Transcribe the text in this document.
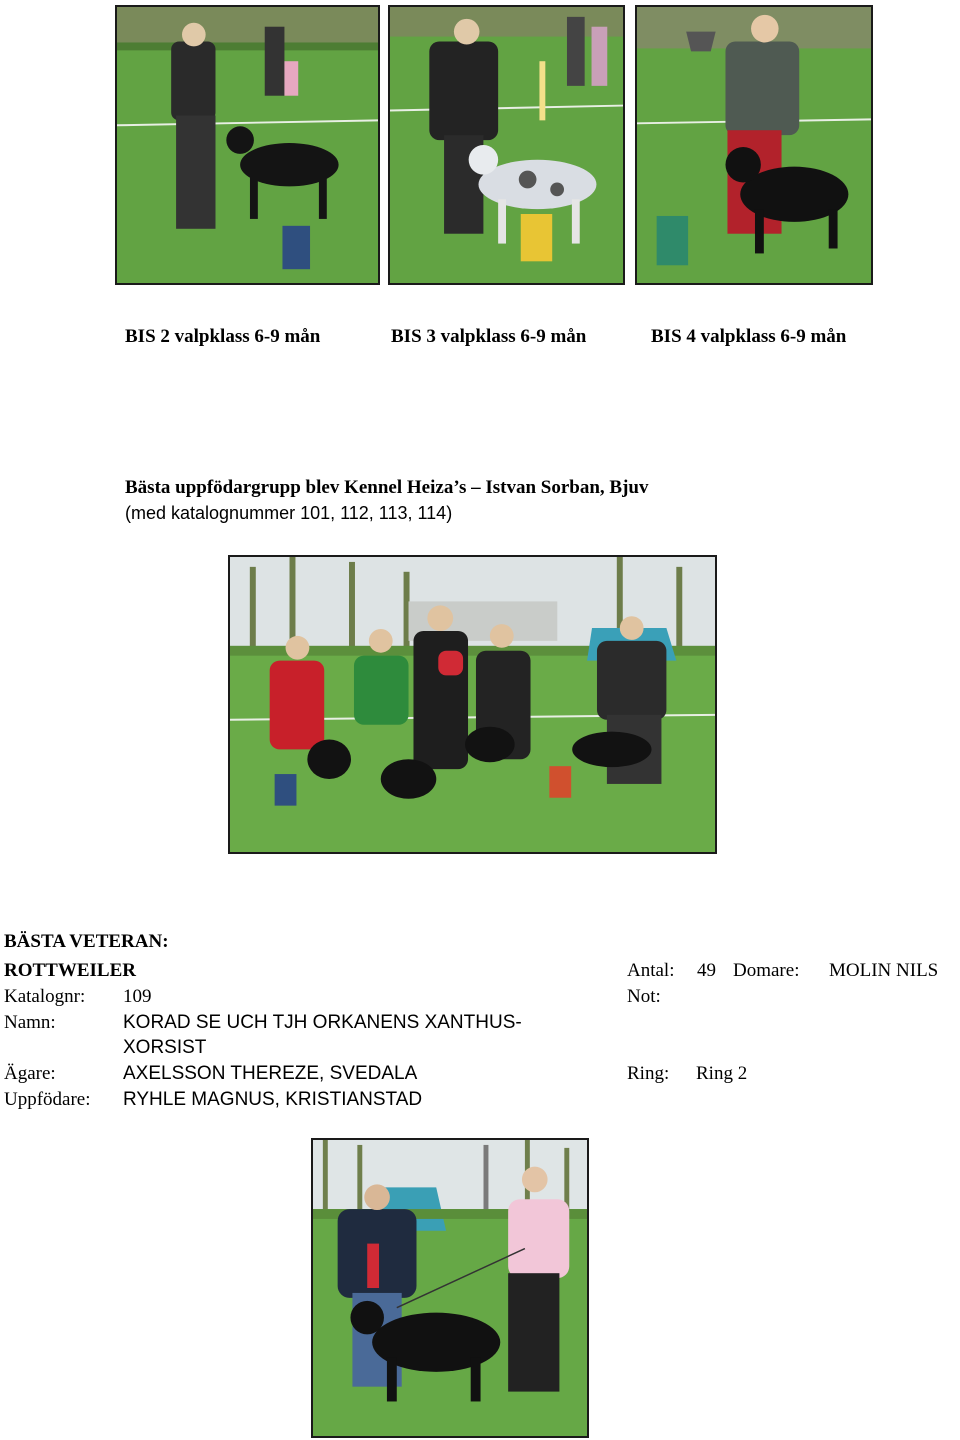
BIS 2 valpklass 6-9 mån	BIS 3 valpklass 6-9 mån	BIS 4 valpklass 6-9 mån
Bästa uppfödargrupp blev Kennel Heiza’s – Istvan Sorban, Bjuv
(med katalognummer 101, 112, 113, 114)
BÄSTA VETERAN:
ROTTWEILER	Antal: 49 Domare: MOLIN NILS
Katalognr: 109	Not:
Namn:	KORAD SE UCH TJH ORKANENS XANTHUS-
XORSIST
Ägare:	AXELSSON THEREZE, SVEDALA	Ring: Ring 2
Uppfödare: RYHLE MAGNUS, KRISTIANSTAD
